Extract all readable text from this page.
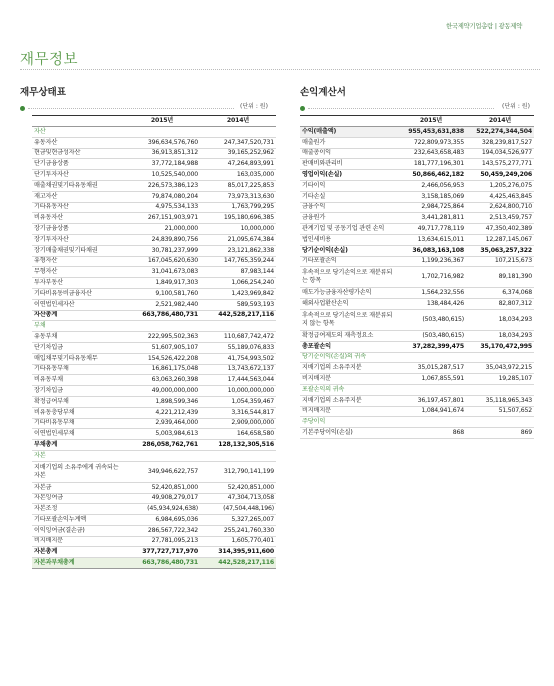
한국제약기업총람 | 광동제약
재무정보
재무상태표
(단위 : 원)
	2015년	2014년
자산		
유동자산	396,634,576,760	247,347,520,731
현금및현금성자산	36,913,851,312	39,165,252,962
단기금융상품	37,772,184,988	47,264,893,991
단기투자자산	10,525,540,000	163,035,000
매출채권및기타유동채권	226,573,386,123	85,017,225,853
재고자산	79,874,080,204	73,973,313,630
기타유동자산	4,975,534,133	1,763,799,295
비유동자산	267,151,903,971	195,180,696,385
장기금융상품	21,000,000	10,000,000
장기투자자산	24,839,890,756	21,095,674,384
장기매출채권및기타채권	30,781,237,999	23,121,862,338
유형자산	167,045,620,630	147,765,359,244
무형자산	31,041,673,083	87,983,144
투자부동산	1,849,917,303	1,066,254,240
기타비유동비금융자산	9,100,581,760	1,423,969,842
이연법인세자산	2,521,982,440	589,593,193
자산총계	663,786,480,731	442,528,217,116
부채		
유동부채	222,995,502,363	110,687,742,472
단기차입금	51,607,905,107	55,189,076,833
매입채무및기타유동채무	154,526,422,208	41,754,993,502
기타유동부채	16,861,175,048	13,743,672,137
비유동부채	63,063,260,398	17,444,563,044
장기차입금	49,000,000,000	10,000,000,000
확정급여부채	1,898,599,346	1,054,359,467
비유동충당부채	4,221,212,439	3,316,544,817
기타비유동부채	2,939,464,000	2,909,000,000
이연법인세부채	5,003,984,613	164,658,580
부채총계	286,058,762,761	128,132,305,516
자본		
지배기업의 소유주에게 귀속되는 자본	349,946,622,757	312,790,141,199
자본금	52,420,851,000	52,420,851,000
자본잉여금	49,908,279,017	47,304,713,058
자본조정	(45,934,924,638)	(47,504,448,196)
기타포괄손익누계액	6,984,695,036	5,327,265,007
이익잉여금(결손금)	286,567,722,342	255,241,760,330
비지배지분	27,781,095,213	1,605,770,401
자본총계	377,727,717,970	314,395,911,600
자본과부채총계	663,786,480,731	442,528,217,116
손익계산서
(단위 : 원)
	2015년	2014년
수익(매출액)	955,453,631,838	522,274,344,504
매출원가	722,809,973,355	328,239,817,527
매출총이익	232,643,658,483	194,034,526,977
판매비와관리비	181,777,196,301	143,575,277,771
영업이익(손실)	50,866,462,182	50,459,249,206
기타이익	2,466,056,953	1,205,276,075
기타손실	3,158,185,069	4,425,463,845
금융수익	2,984,725,864	2,624,800,710
금융원가	3,441,281,811	2,513,459,757
관계기업 및 공동기업 관련 손익	49,717,778,119	47,350,402,389
법인세비용	13,634,615,011	12,287,145,067
당기순이익(손실)	36,083,163,108	35,063,257,322
기타포괄손익	1,199,236,367	107,215,673
후속적으로 당기손익으로 재분류되는 항목	1,702,716,982	89,181,390
매도가능금융자산평가손익	1,564,232,556	6,374,068
해외사업환산손익	138,484,426	82,807,312
후속적으로 당기손익으로 재분류되지 않는 항목	(503,480,615)	18,034,293
확정급여제도의 재측정요소	(503,480,615)	18,034,293
총포괄손익	37,282,399,475	35,170,472,995
당기순이익(손실)의 귀속		
지배기업의 소유주지분	35,015,287,517	35,043,972,215
비지배지분	1,067,855,591	19,285,107
포괄손익의 귀속		
지배기업의 소유주지분	36,197,457,801	35,118,965,343
비지배지분	1,084,941,674	51,507,652
주당이익		
기본주당이익(손실)	868	869
